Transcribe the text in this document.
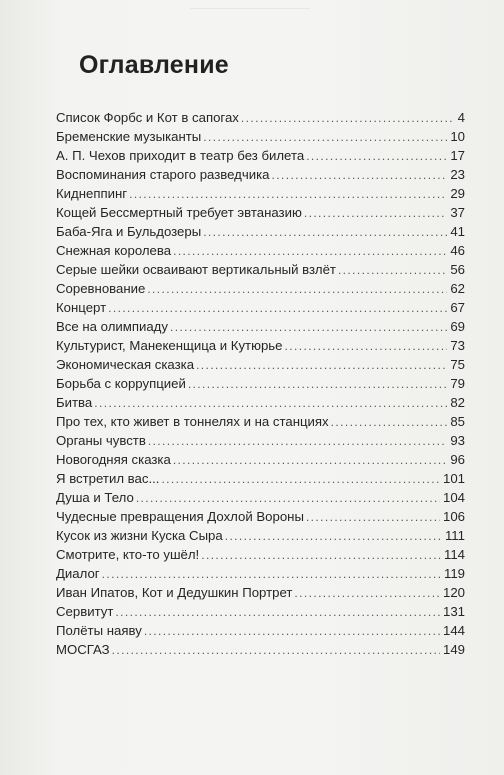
Оглавление
Список Форбс и Кот в сапогах .....	4
Бременские музыканты .....	10
А. П. Чехов приходит в театр без билета .....	17
Воспоминания старого разведчика .....	23
Киднеппинг .....	29
Кощей Бессмертный требует эвтаназию .....	37
Баба-Яга и Бульдозеры .....	41
Снежная королева .....	46
Серые шейки осваивают вертикальный взлёт .....	56
Соревнование .....	62
Концерт .....	67
Все на олимпиаду .....	69
Культурист, Манекенщица и Кутюрье .....	73
Экономическая сказка .....	75
Борьба с коррупцией .....	79
Битва .....	82
Про тех, кто живет в тоннелях и на станциях .....	85
Органы чувств .....	93
Новогодняя сказка .....	96
Я встретил вас... .....	101
Душа и Тело .....	104
Чудесные превращения Дохлой Вороны .....	106
Кусок из жизни Куска Сыра .....	111
Смотрите, кто-то ушёл! .....	114
Диалог .....	119
Иван Ипатов, Кот и Дедушкин Портрет .....	120
Сервитут .....	131
Полёты наяву .....	144
МОСГАЗ .....	149
